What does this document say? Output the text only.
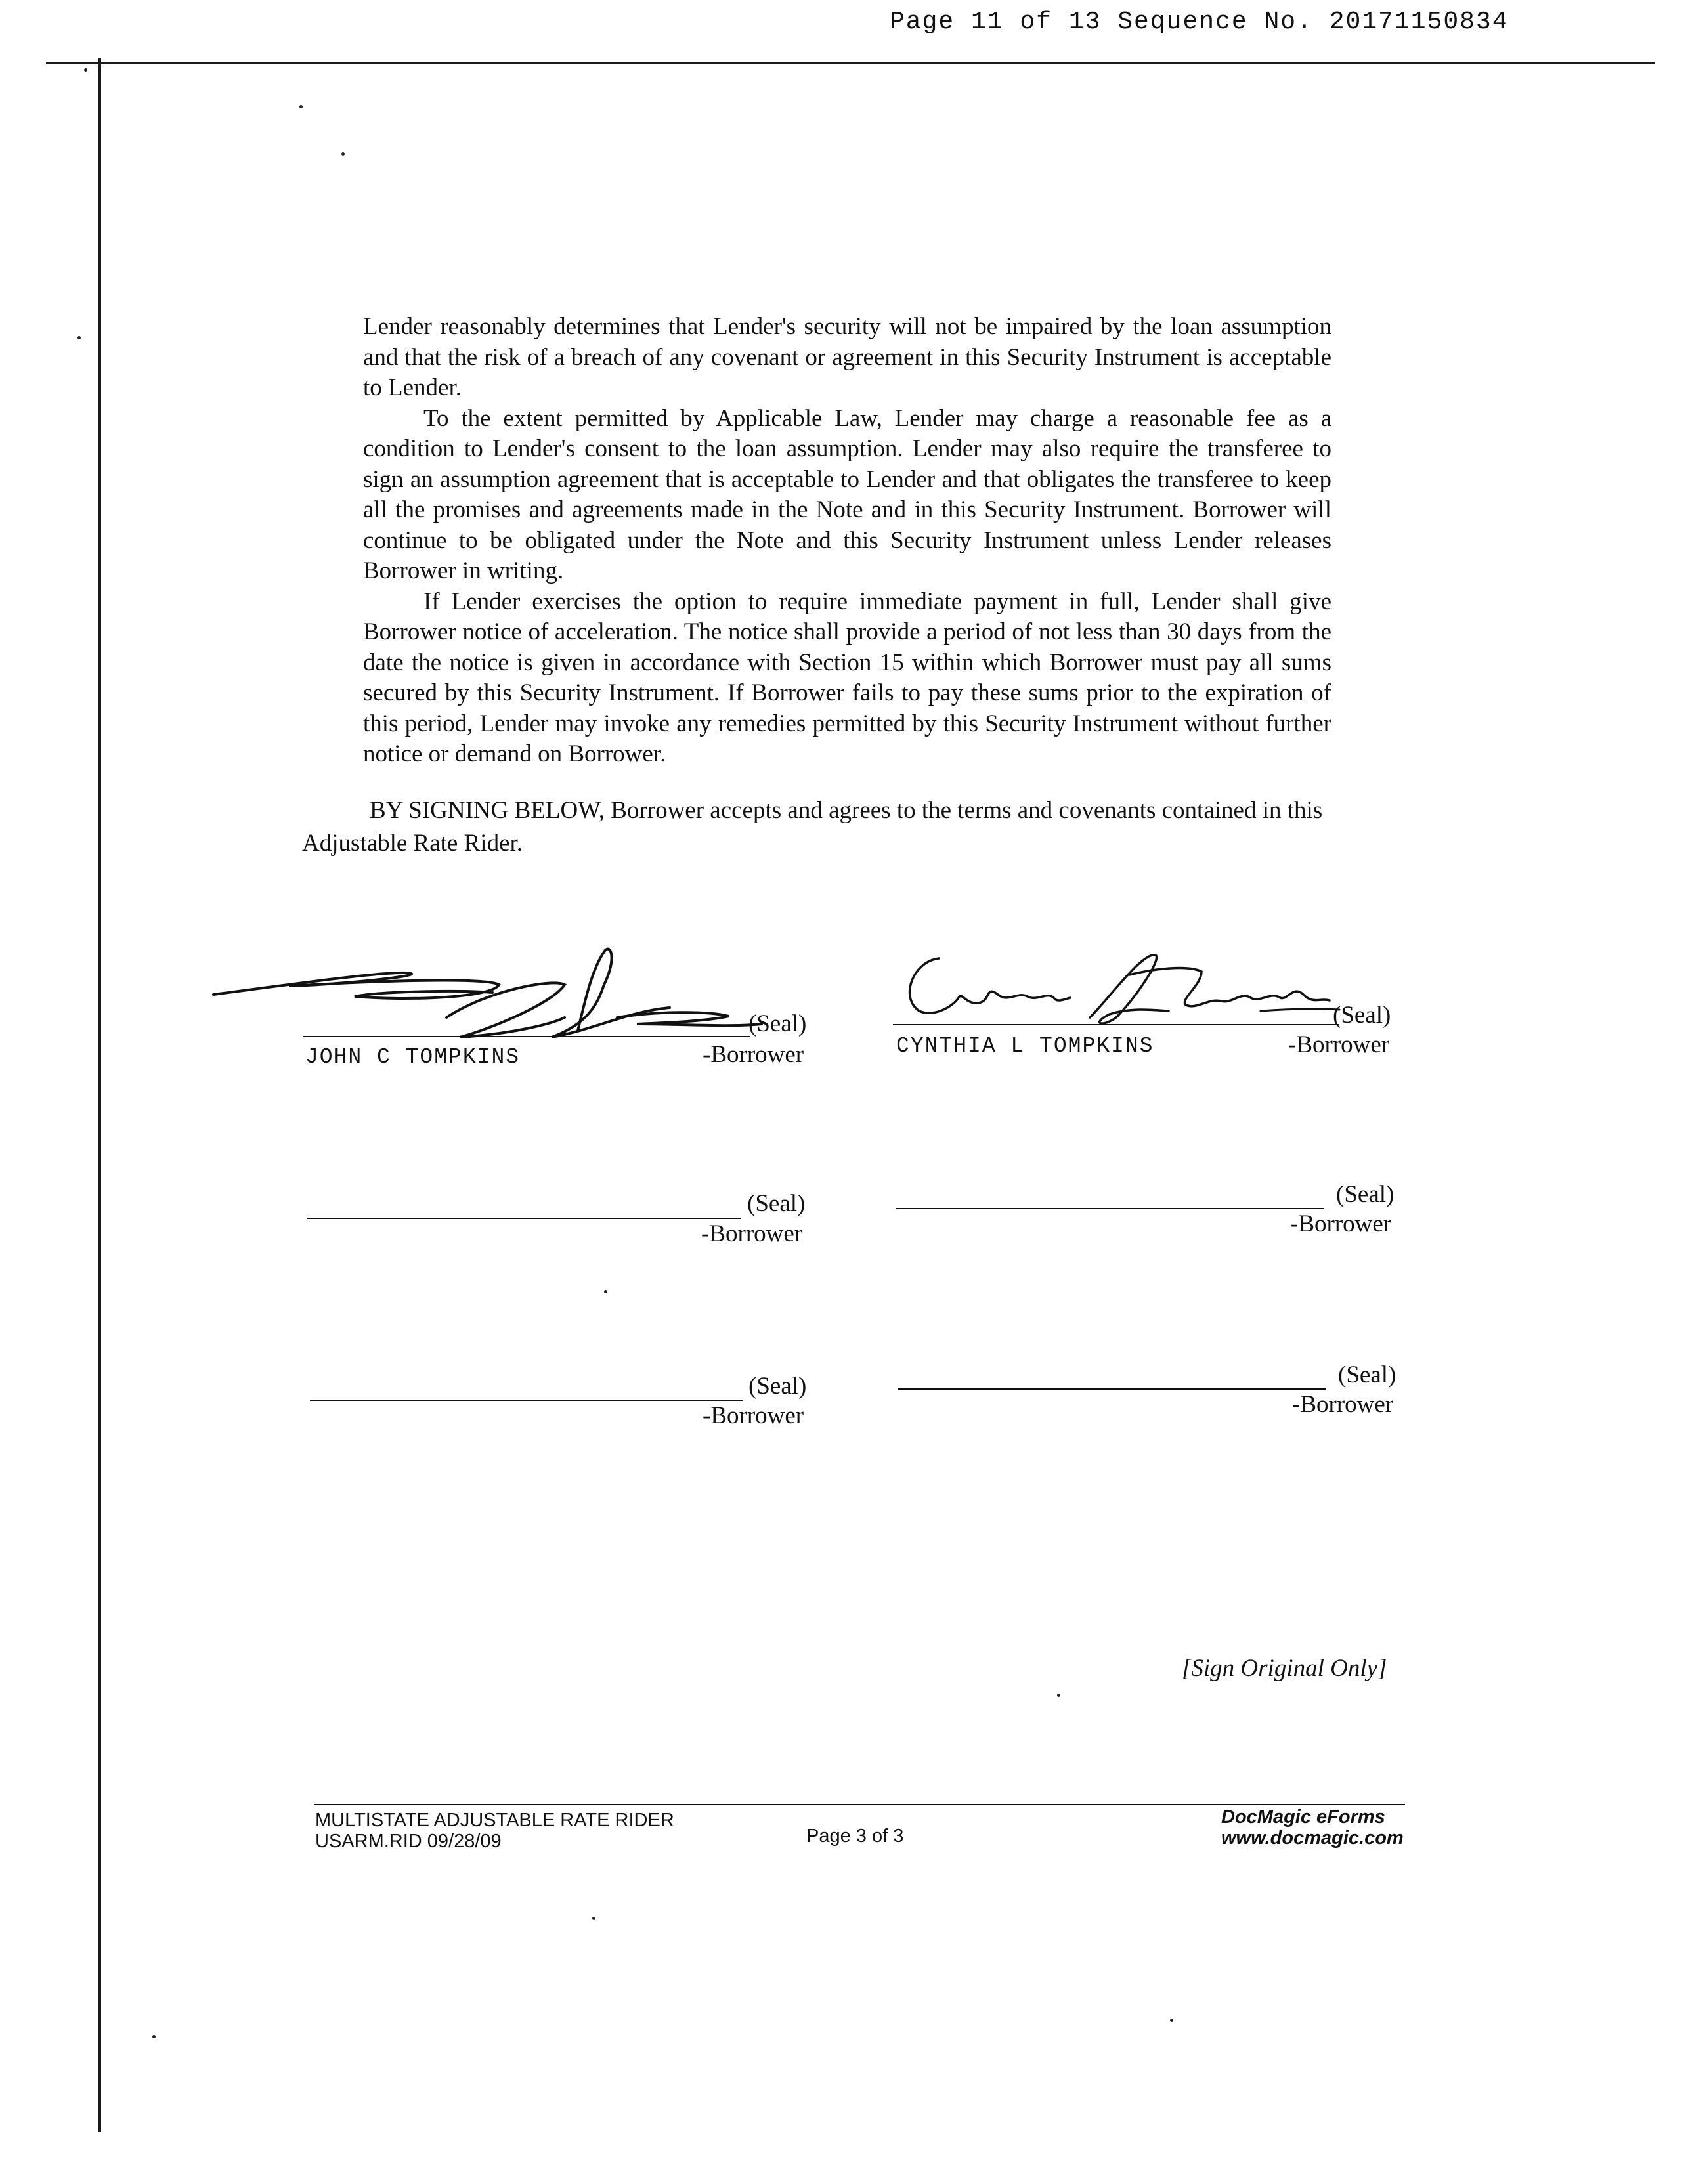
Page 11 of 13 Sequence No. 20171150834

Lender reasonably determines that Lender's security will not be impaired by the loan assumption and that the risk of a breach of any covenant or agreement in this Security Instrument is acceptable to Lender.

To the extent permitted by Applicable Law, Lender may charge a reasonable fee as a condition to Lender's consent to the loan assumption. Lender may also require the transferee to sign an assumption agreement that is acceptable to Lender and that obligates the transferee to keep all the promises and agreements made in the Note and in this Security Instrument. Borrower will continue to be obligated under the Note and this Security Instrument unless Lender releases Borrower in writing.

If Lender exercises the option to require immediate payment in full, Lender shall give Borrower notice of acceleration. The notice shall provide a period of not less than 30 days from the date the notice is given in accordance with Section 15 within which Borrower must pay all sums secured by this Security Instrument. If Borrower fails to pay these sums prior to the expiration of this period, Lender may invoke any remedies permitted by this Security Instrument without further notice or demand on Borrower.

BY SIGNING BELOW, Borrower accepts and agrees to the terms and covenants contained in this Adjustable Rate Rider.

(Seal)
JOHN C TOMPKINS	-Borrower
(Seal)
CYNTHIA L TOMPKINS	-Borrower
(Seal)
-Borrower
(Seal)
-Borrower
(Seal)
-Borrower
(Seal)
-Borrower
[Sign Original Only]
MULTISTATE ADJUSTABLE RATE RIDER
USARM.RID 09/28/09	Page 3 of 3
DocMagic eForms
www.docmagic.com
